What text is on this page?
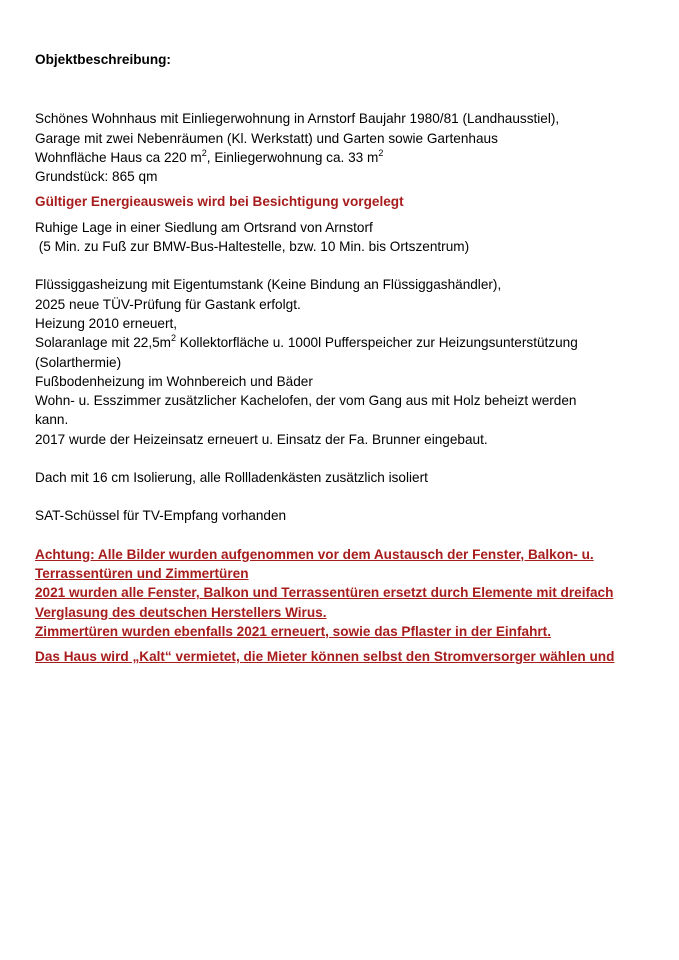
Objektbeschreibung:

Schönes Wohnhaus mit Einliegerwohnung in Arnstorf Baujahr 1980/81 (Landhausstiel),
Garage mit zwei Nebenräumen (Kl. Werkstatt) und Garten sowie Gartenhaus
Wohnfläche Haus ca 220 $m^2$, Einliegerwohnung ca. 33 $m^2$
Grundstück: 865 qm
Gültiger Energieausweis wird bei Besichtigung vorgelegt
Ruhige Lage in einer Siedlung am Ortsrand von Arnstorf
(5 Min. zu Fuß zur BMW-Bus-Haltestelle, bzw. 10 Min. bis Ortszentrum)
Flüssiggasheizung mit Eigentumstank (Keine Bindung an Flüssiggashändler),
2025 neue TÜV-Prüfung für Gastank erfolgt.
Heizung 2010 erneuert,
Solaranlage mit $22,5m^2$ Kollektorfläche u. 1000l Pufferspeicher zur Heizungsunterstützung
(Solarthermie)
Fußbodenheizung im Wohnbereich und Bäder
Wohn- u. Esszimmer zusätzlicher Kachelofen, der vom Gang aus mit Holz beheizt werden
kann.
2017 wurde der Heizeinsatz erneuert u. Einsatz der Fa. Brunner eingebaut.
Dach mit 16 cm Isolierung, alle Rollladenkästen zusätzlich isoliert
SAT-Schüssel für TV-Empfang vorhanden
Achtung: Alle Bilder wurden aufgenommen vor dem Austausch der Fenster, Balkon- u.
Terrassentüren und Zimmertüren
2021 wurden alle Fenster, Balkon und Terrassentüren ersetzt durch Elemente mit dreifach
Verglasung des deutschen Herstellers Wirus.
Zimmertüren wurden ebenfalls 2021 erneuert, sowie das Pflaster in der Einfahrt.
Das Haus wird „Kalt“ vermietet, die Mieter können selbst den Stromversorger wählen und
